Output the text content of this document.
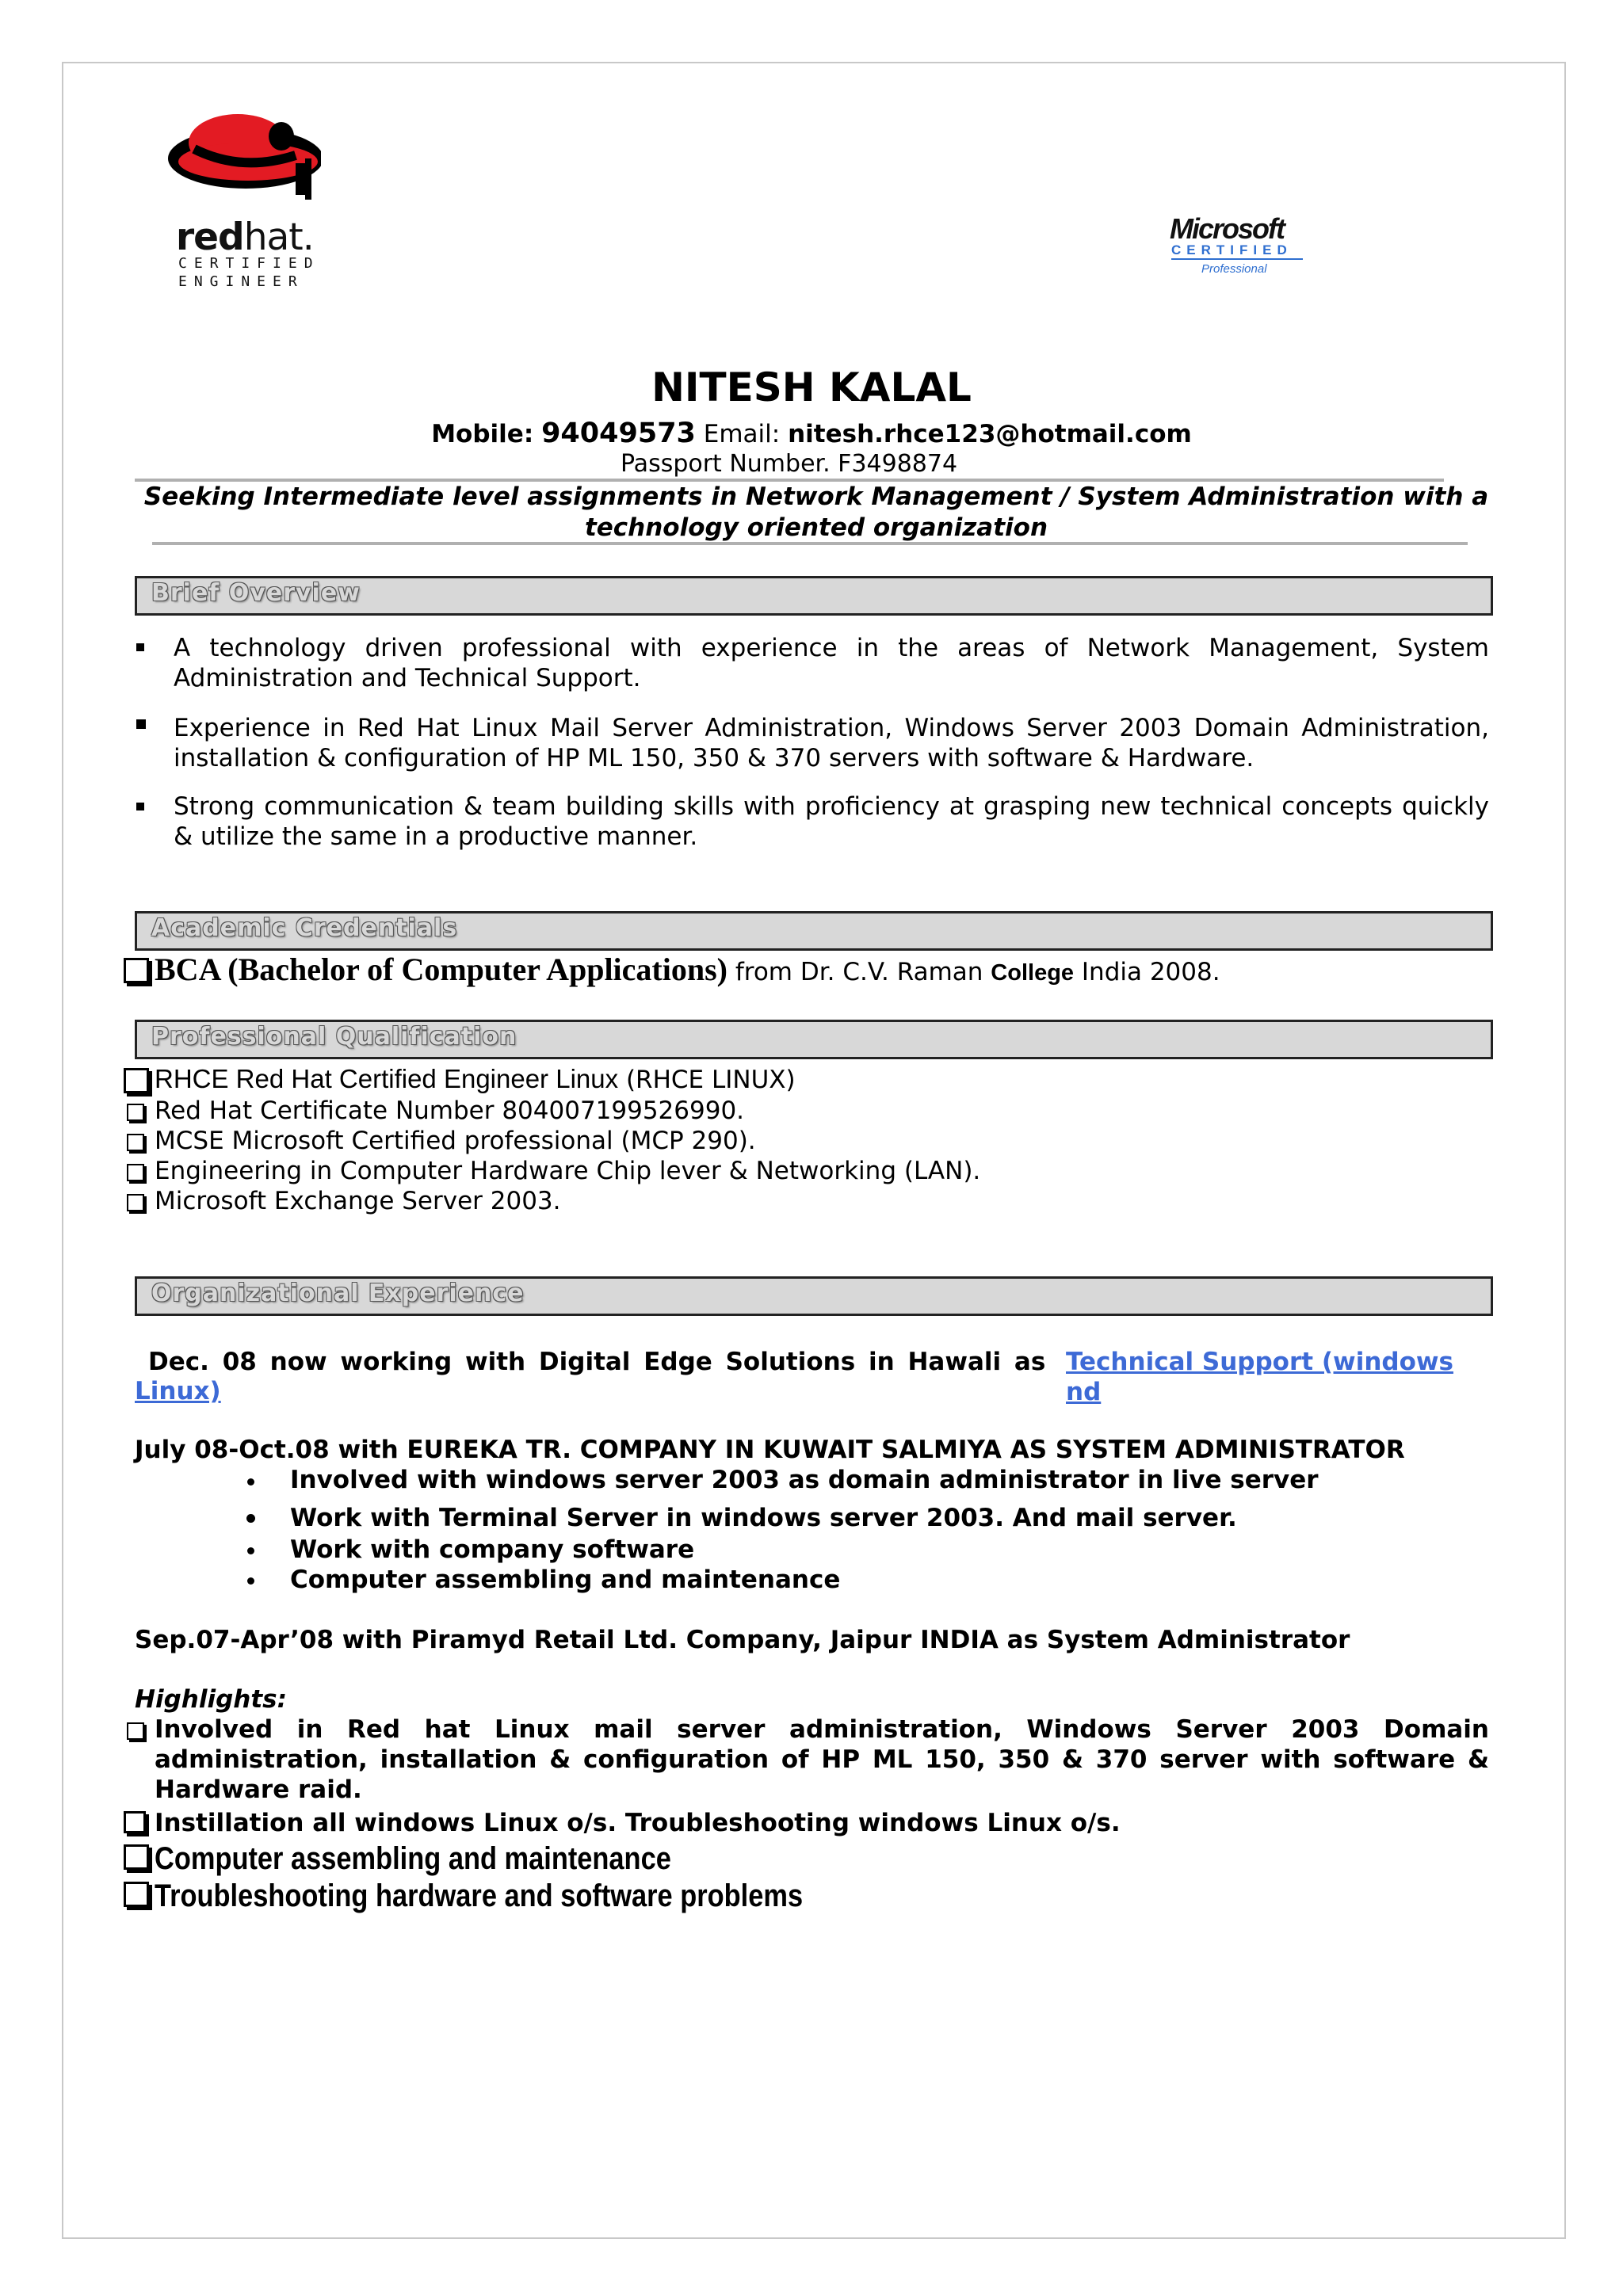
redhat.
CERTIFIED
ENGINEER
Microsoft
CERTIFIED
Professional
NITESH KALAL
Mobile: 94049573 Email: nitesh.rhce123@hotmail.com
Passport Number. F3498874
Seeking Intermediate level assignments in Network Management / System Administration with a
technology oriented organization
Brief Overview
A technology driven professional with experience in the areas of Network Management, System Administration and Technical Support.
Experience in Red Hat Linux Mail Server Administration, Windows Server 2003 Domain Administration, installation & configuration of HP ML 150, 350 & 370 servers with software & Hardware.
Strong communication & team building skills with proficiency at grasping new technical concepts quickly & utilize the same in a productive manner.
Academic Credentials
BCA (Bachelor of Computer Applications) from Dr. C.V. Raman College India 2008.
Professional Qualification
RHCE Red Hat Certified Engineer Linux (RHCE LINUX)
Red Hat Certificate Number 804007199526990.
MCSE Microsoft Certified professional (MCP 290).
Engineering in Computer Hardware Chip lever & Networking (LAN).
Microsoft Exchange Server 2003.
Organizational Experience
Dec. 08 now working with Digital Edge Solutions in Hawali as Technical Support (windows nd
Linux)
July 08-Oct.08 with EUREKA TR. COMPANY IN KUWAIT SALMIYA AS SYSTEM ADMINISTRATOR
Involved with windows server 2003 as domain administrator in live server
Work with Terminal Server in windows server 2003. And mail server.
Work with company software
Computer assembling and maintenance
Sep.07-Apr’08 with Piramyd Retail Ltd. Company, Jaipur INDIA as System Administrator
Highlights:
Involved in Red hat Linux mail server administration, Windows Server 2003 Domain administration, installation & configuration of HP ML 150, 350 & 370 server with software & Hardware raid.
Instillation all windows Linux o/s. Troubleshooting windows Linux o/s.
Computer assembling and maintenance
Troubleshooting hardware and software problems
